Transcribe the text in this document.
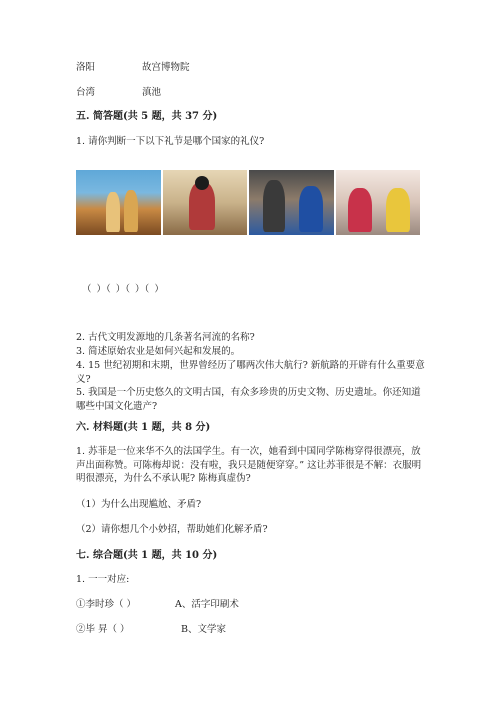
洛阳	故宫博物院
台湾	滇池
五. 简答题(共 5 题，共 37 分)
1. 请你判断一下以下礼节是哪个国家的礼仪?
（ ）（ ）（ ）（ ）
2. 古代文明发源地的几条著名河流的名称?
3. 简述原始农业是如何兴起和发展的。
4. 15 世纪初期和末期，世界曾经历了哪两次伟大航行? 新航路的开辟有什么重要意义?
5. 我国是一个历史悠久的文明古国，有众多珍贵的历史文物、历史遗址。你还知道哪些中国文化遗产?
六. 材料题(共 1 题，共 8 分)
1. 苏菲是一位来华不久的法国学生。有一次，她看到中国同学陈梅穿得很漂亮，放声出面称赞。可陈梅却说：没有啦，我只是随便穿穿。” 这让苏菲很是不解：衣服明明很漂亮，为什么不承认呢? 陈梅真虚伪?
（1）为什么出现尴尬、矛盾?
（2）请你想几个小妙招，帮助她们化解矛盾?
七. 综合题(共 1 题，共 10 分)
1. 一一对应:
①李时珍（ ）	A、活字印刷术
②毕 昇（ ）	B、文学家
